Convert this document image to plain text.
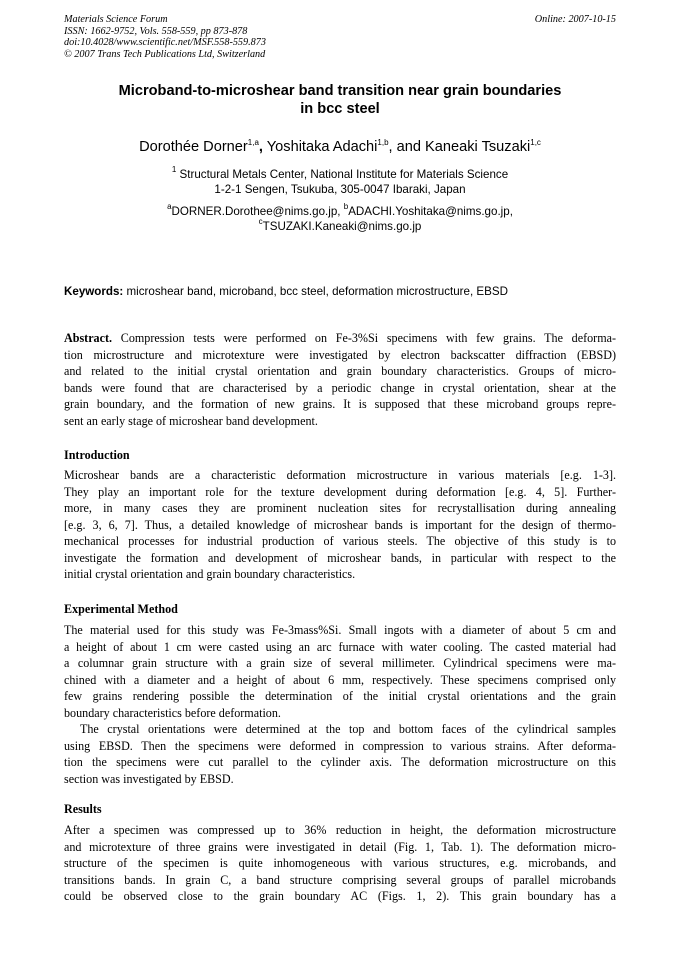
Materials Science Forum
ISSN: 1662-9752, Vols. 558-559, pp 873-878
doi:10.4028/www.scientific.net/MSF.558-559.873
© 2007 Trans Tech Publications Ltd, Switzerland
Online: 2007-10-15
Microband-to-microshear band transition near grain boundaries
in bcc steel
Dorothée Dorner$^{1,a}$, Yoshitaka Adachi$^{1,b}$, and Kaneaki Tsuzaki$^{1,c}$
$^1$ Structural Metals Center, National Institute for Materials Science
1-2-1 Sengen, Tsukuba, 305-0047 Ibaraki, Japan
$^a$DORNER.Dorothee@nims.go.jp, $^b$ADACHI.Yoshitaka@nims.go.jp,
$^c$TSUZAKI.Kaneaki@nims.go.jp
Keywords: microshear band, microband, bcc steel, deformation microstructure, EBSD
Abstract. Compression tests were performed on Fe-3%Si specimens with few grains. The deforma-
tion microstructure and microtexture were investigated by electron backscatter diffraction (EBSD)
and related to the initial crystal orientation and grain boundary characteristics. Groups of micro-
bands were found that are characterised by a periodic change in crystal orientation, shear at the
grain boundary, and the formation of new grains. It is supposed that these microband groups repre-
sent an early stage of microshear band development.
Introduction
Microshear bands are a characteristic deformation microstructure in various materials [e.g. 1-3].
They play an important role for the texture development during deformation [e.g. 4, 5]. Further-
more, in many cases they are prominent nucleation sites for recrystallisation during annealing
[e.g. 3, 6, 7]. Thus, a detailed knowledge of microshear bands is important for the design of thermo-
mechanical processes for industrial production of various steels. The objective of this study is to
investigate the formation and development of microshear bands, in particular with respect to the
initial crystal orientation and grain boundary characteristics.
Experimental Method
The material used for this study was Fe-3mass%Si. Small ingots with a diameter of about 5 cm and
a height of about 1 cm were casted using an arc furnace with water cooling. The casted material had
a columnar grain structure with a grain size of several millimeter. Cylindrical specimens were ma-
chined with a diameter and a height of about 6 mm, respectively. These specimens comprised only
few grains rendering possible the determination of the initial crystal orientations and the grain
boundary characteristics before deformation.
The crystal orientations were determined at the top and bottom faces of the cylindrical samples
using EBSD. Then the specimens were deformed in compression to various strains. After deforma-
tion the specimens were cut parallel to the cylinder axis. The deformation microstructure on this
section was investigated by EBSD.
Results
After a specimen was compressed up to 36% reduction in height, the deformation microstructure
and microtexture of three grains were investigated in detail (Fig. 1, Tab. 1). The deformation micro-
structure of the specimen is quite inhomogeneous with various structures, e.g. microbands, and
transitions bands. In grain C, a band structure comprising several groups of parallel microbands
could be observed close to the grain boundary AC (Figs. 1, 2). This grain boundary has a
